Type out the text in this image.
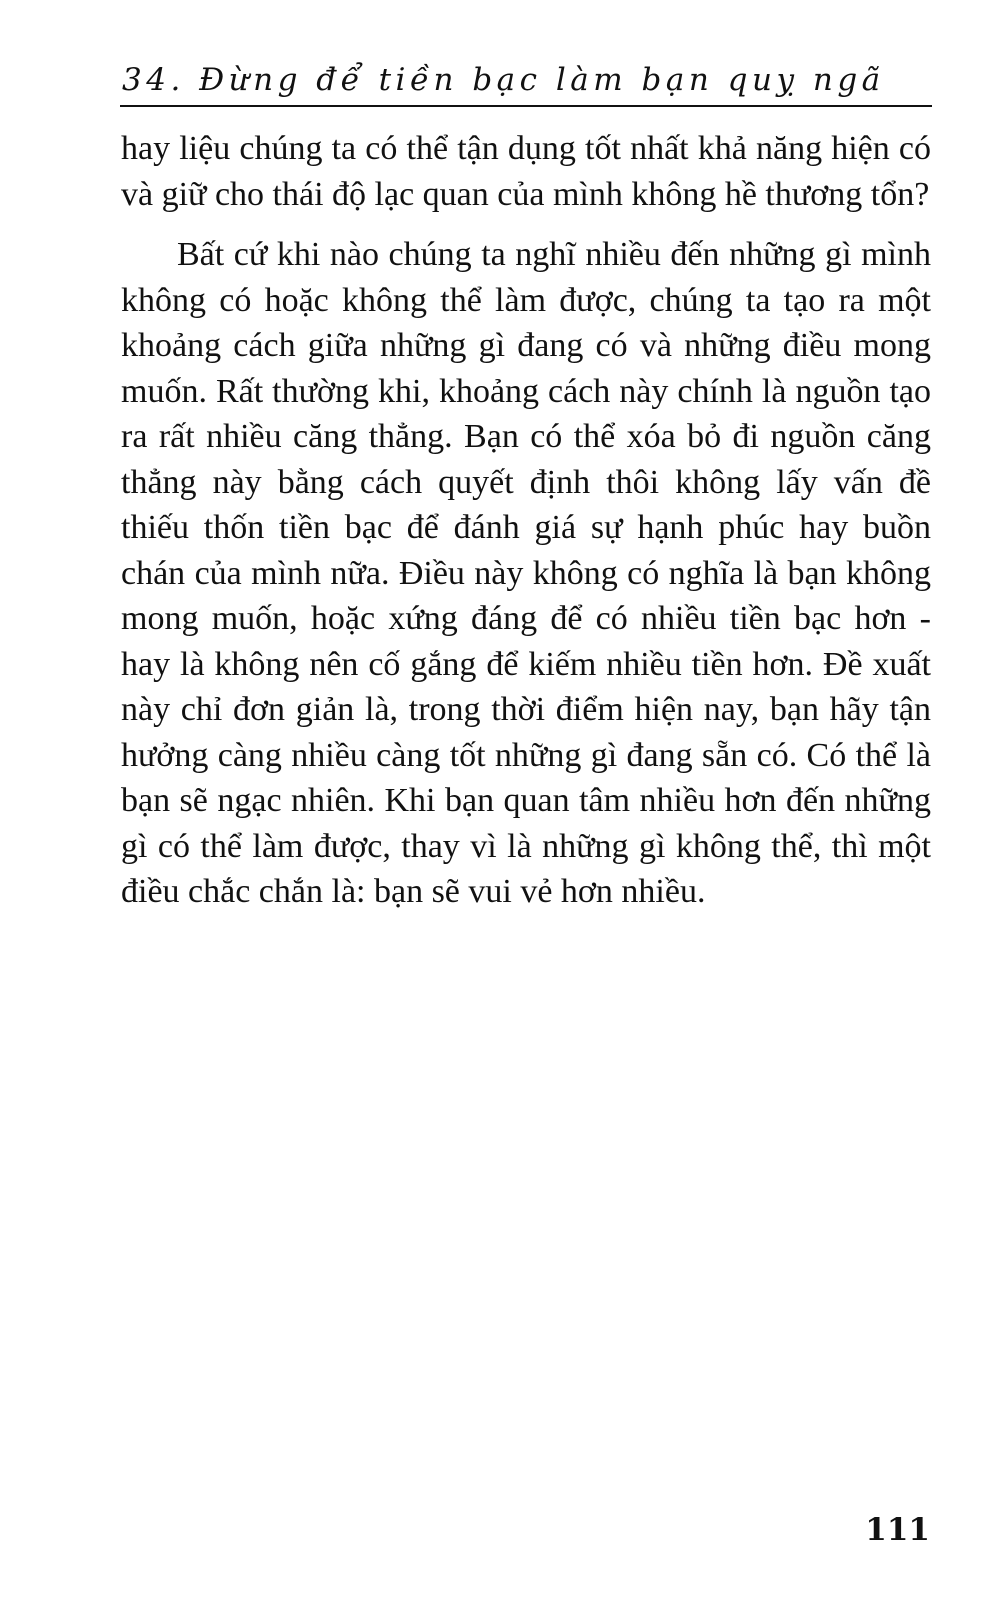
34. Đừng để tiền bạc làm bạn quỵ ngã

hay liệu chúng ta có thể tận dụng tốt nhất khả năng hiện có và giữ cho thái độ lạc quan của mình không hề thương tổn?

Bất cứ khi nào chúng ta nghĩ nhiều đến những gì mình không có hoặc không thể làm được, chúng ta tạo ra một khoảng cách giữa những gì đang có và những điều mong muốn. Rất thường khi, khoảng cách này chính là nguồn tạo ra rất nhiều căng thẳng. Bạn có thể xóa bỏ đi nguồn căng thẳng này bằng cách quyết định thôi không lấy vấn đề thiếu thốn tiền bạc để đánh giá sự hạnh phúc hay buồn chán của mình nữa. Điều này không có nghĩa là bạn không mong muốn, hoặc xứng đáng để có nhiều tiền bạc hơn - hay là không nên cố gắng để kiếm nhiều tiền hơn. Đề xuất này chỉ đơn giản là, trong thời điểm hiện nay, bạn hãy tận hưởng càng nhiều càng tốt những gì đang sẵn có. Có thể là bạn sẽ ngạc nhiên. Khi bạn quan tâm nhiều hơn đến những gì có thể làm được, thay vì là những gì không thể, thì một điều chắc chắn là: bạn sẽ vui vẻ hơn nhiều.

111
